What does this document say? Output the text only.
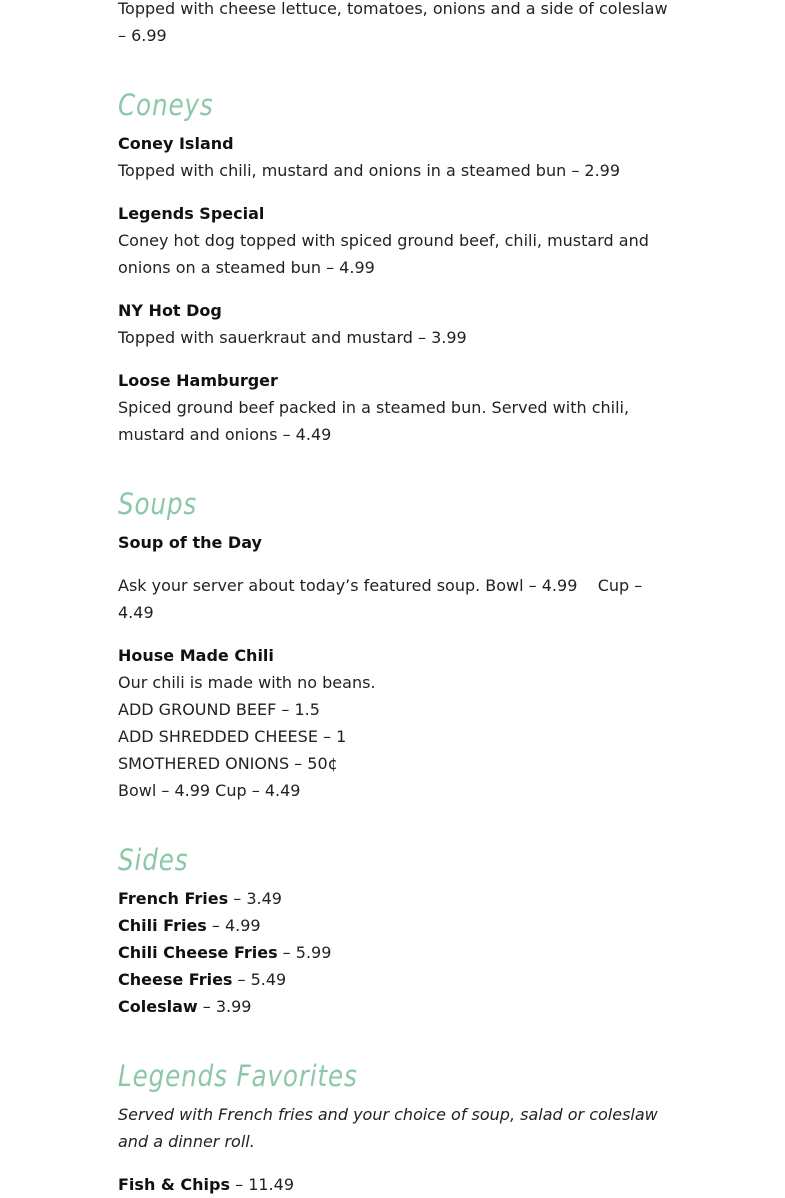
Topped with cheese lettuce, tomatoes, onions and a side of coleslaw – 6.99

Coneys

Coney Island

Topped with chili, mustard and onions in a steamed bun – 2.99

Legends Special

Coney hot dog topped with spiced ground beef, chili, mustard and onions on a steamed bun – 4.99

NY Hot Dog

Topped with sauerkraut and mustard – 3.99

Loose Hamburger

Spiced ground beef packed in a steamed bun. Served with chili, mustard and onions – 4.49

Soups

Soup of the Day

Ask your server about today’s featured soup. Bowl – 4.99    Cup – 4.49

House Made Chili

Our chili is made with no beans.

ADD GROUND BEEF – 1.5

ADD SHREDDED CHEESE – 1

SMOTHERED ONIONS – 50¢

Bowl – 4.99 Cup – 4.49

Sides

French Fries – 3.49

Chili Fries – 4.99

Chili Cheese Fries – 5.99

Cheese Fries – 5.49

Coleslaw – 3.99

Legends Favorites

Served with French fries and your choice of soup, salad or coleslaw and a dinner roll.

Fish & Chips – 11.49
